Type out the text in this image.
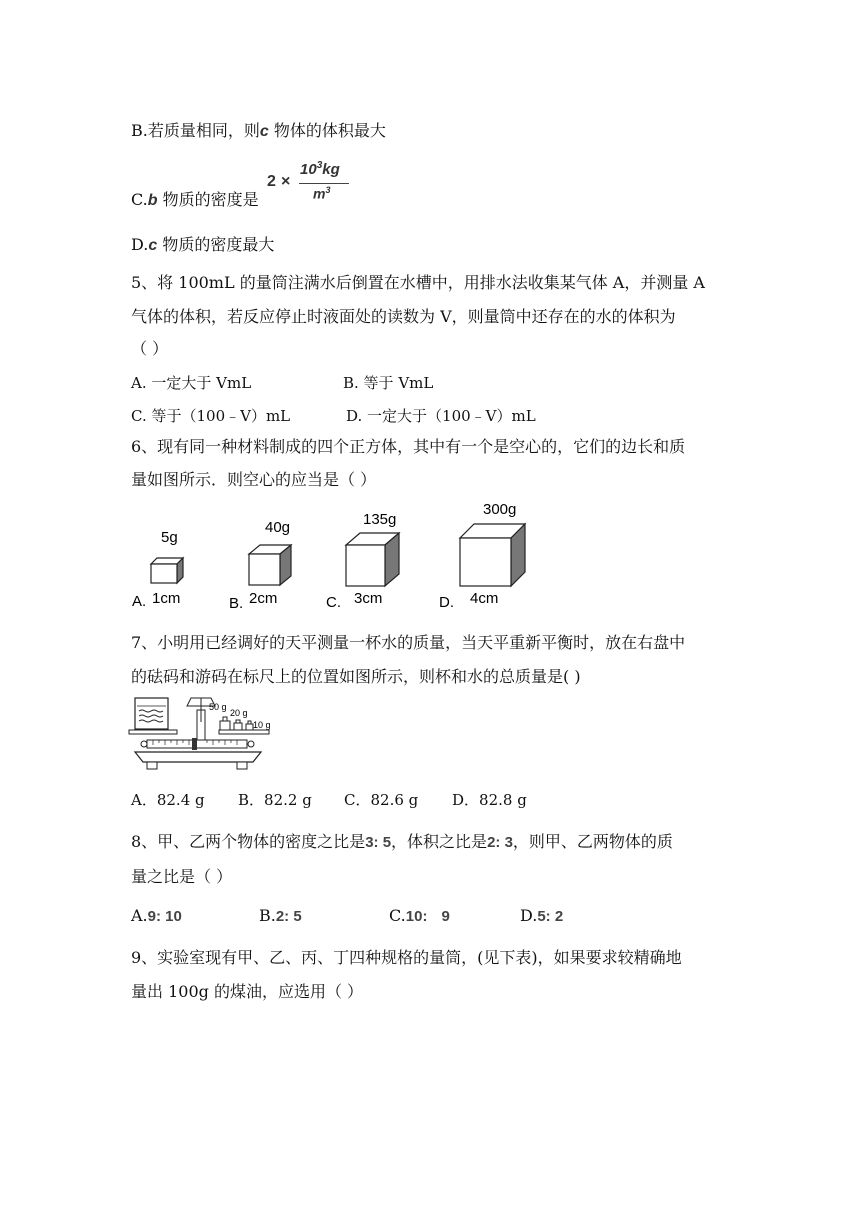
B.若质量相同，则c 物体的体积最大
C.b 物质的密度是
2 ×
$10^3kg$
$m^3$
D.c 物质的密度最大
5、将 100mL 的量筒注满水后倒置在水槽中，用排水法收集某气体 A，并测量 A
气体的体积，若反应停止时液面处的读数为 V，则量筒中还存在的水的体积为
（ ）
A. 一定大于 VmL	B. 等于 VmL
C. 等于（100﹣V）mL	D. 一定大于（100﹣V）mL
6、现有同一种材料制成的四个正方体，其中有一个是空心的，它们的边长和质
量如图所示．则空心的应当是（ ）
A.
5g
1cm	B.
40g
2cm	C.
135g
3cm	D.
300g
4cm
7、小明用已经调好的天平测量一杯水的质量，当天平重新平衡时，放在右盘中
的砝码和游码在标尺上的位置如图所示，则杯和水的总质量是( )
50 g
20 g
10 g
A．82.4 g B．82.2 g C．82.6 g D．82.8 g
8、甲、乙两个物体的密度之比是3: 5，体积之比是2: 3，则甲、乙两物体的质
量之比是（ ）
A.9: 10	B.2: 5	C.10: 9	D.5: 2
9、实验室现有甲、乙、丙、丁四种规格的量筒，(见下表)，如果要求较精确地
量出 100g 的煤油，应选用（ ）
